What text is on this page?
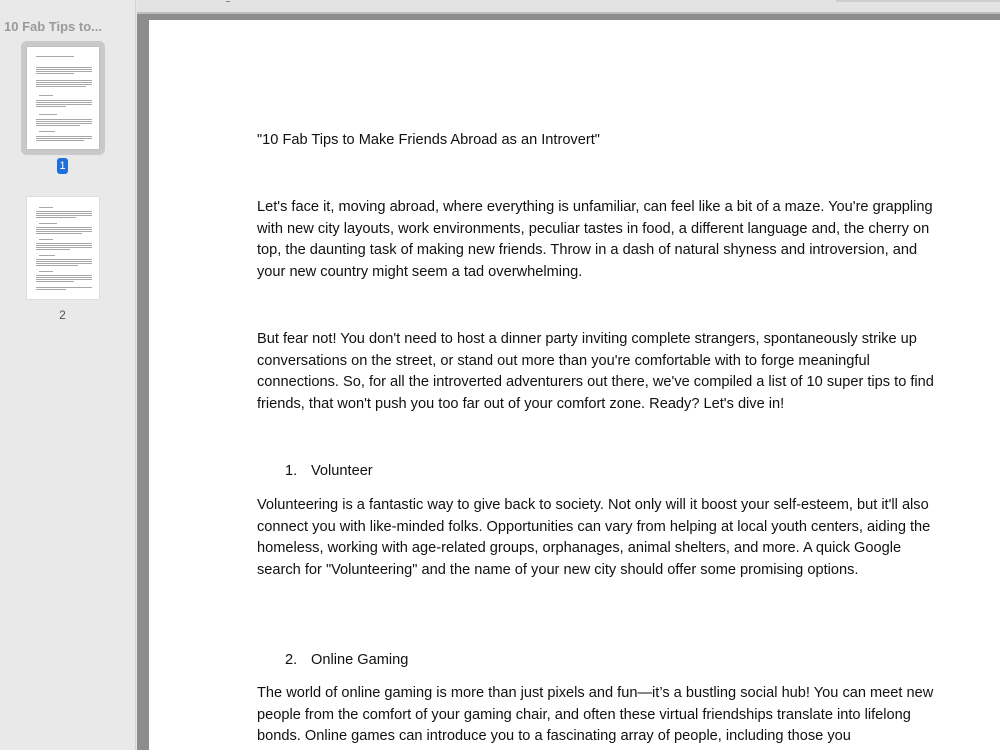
10 Fab Tips to...
1
2

"10 Fab Tips to Make Friends Abroad as an Introvert"

Let's face it, moving abroad, where everything is unfamiliar, can feel like a bit of a maze. You're grappling with new city layouts, work environments, peculiar tastes in food, a different language and, the cherry on top, the daunting task of making new friends. Throw in a dash of natural shyness and introversion, and your new country might seem a tad overwhelming.

But fear not! You don't need to host a dinner party inviting complete strangers, spontaneously strike up conversations on the street, or stand out more than you're comfortable with to forge meaningful connections. So, for all the introverted adventurers out there, we've compiled a list of 10 super tips to find friends, that won't push you too far out of your comfort zone. Ready? Let's dive in!

1. Volunteer

Volunteering is a fantastic way to give back to society. Not only will it boost your self-esteem, but it'll also connect you with like-minded folks. Opportunities can vary from helping at local youth centers, aiding the homeless, working with age-related groups, orphanages, animal shelters, and more. A quick Google search for "Volunteering" and the name of your new city should offer some promising options.

2. Online Gaming

The world of online gaming is more than just pixels and fun—it’s a bustling social hub! You can meet new people from the comfort of your gaming chair, and often these virtual friendships translate into lifelong bonds. Online games can introduce you to a fascinating array of people, including those you
